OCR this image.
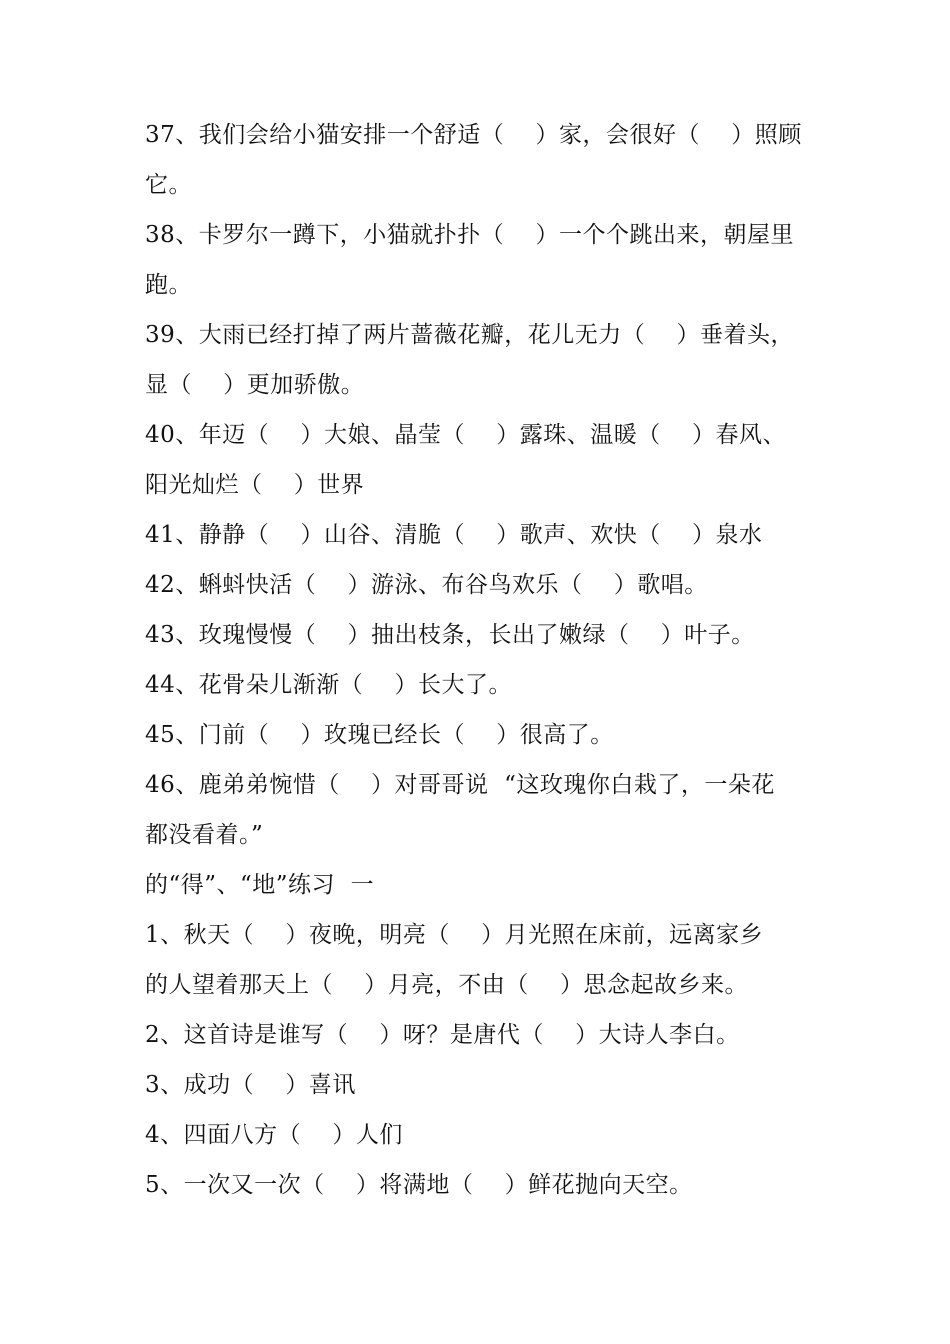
37、我们会给小猫安排一个舒适（    ）家，会很好（    ）照顾
它。
38、卡罗尔一蹲下，小猫就扑扑（    ）一个个跳出来，朝屋里
跑。
39、大雨已经打掉了两片蔷薇花瓣，花儿无力（    ）垂着头，
显（    ）更加骄傲。
40、年迈（    ）大娘、晶莹（    ）露珠、温暖（    ）春风、
阳光灿烂（    ）世界
41、静静（    ）山谷、清脆（    ）歌声、欢快（    ）泉水
42、蝌蚪快活（    ）游泳、布谷鸟欢乐（    ）歌唱。
43、玫瑰慢慢（    ）抽出枝条，长出了嫩绿（    ）叶子。
44、花骨朵儿渐渐（    ）长大了。
45、门前（    ）玫瑰已经长（    ）很高了。
46、鹿弟弟惋惜（    ）对哥哥说  “这玫瑰你白栽了，一朵花
都没看着。”
的“得”、“地”练习  一
1、秋天（    ）夜晚，明亮（    ）月光照在床前，远离家乡
的人望着那天上（    ）月亮，不由（    ）思念起故乡来。
2、这首诗是谁写（    ）呀？是唐代（    ）大诗人李白。
3、成功（    ）喜讯
4、四面八方（    ）人们
5、一次又一次（    ）将满地（    ）鲜花抛向天空。
